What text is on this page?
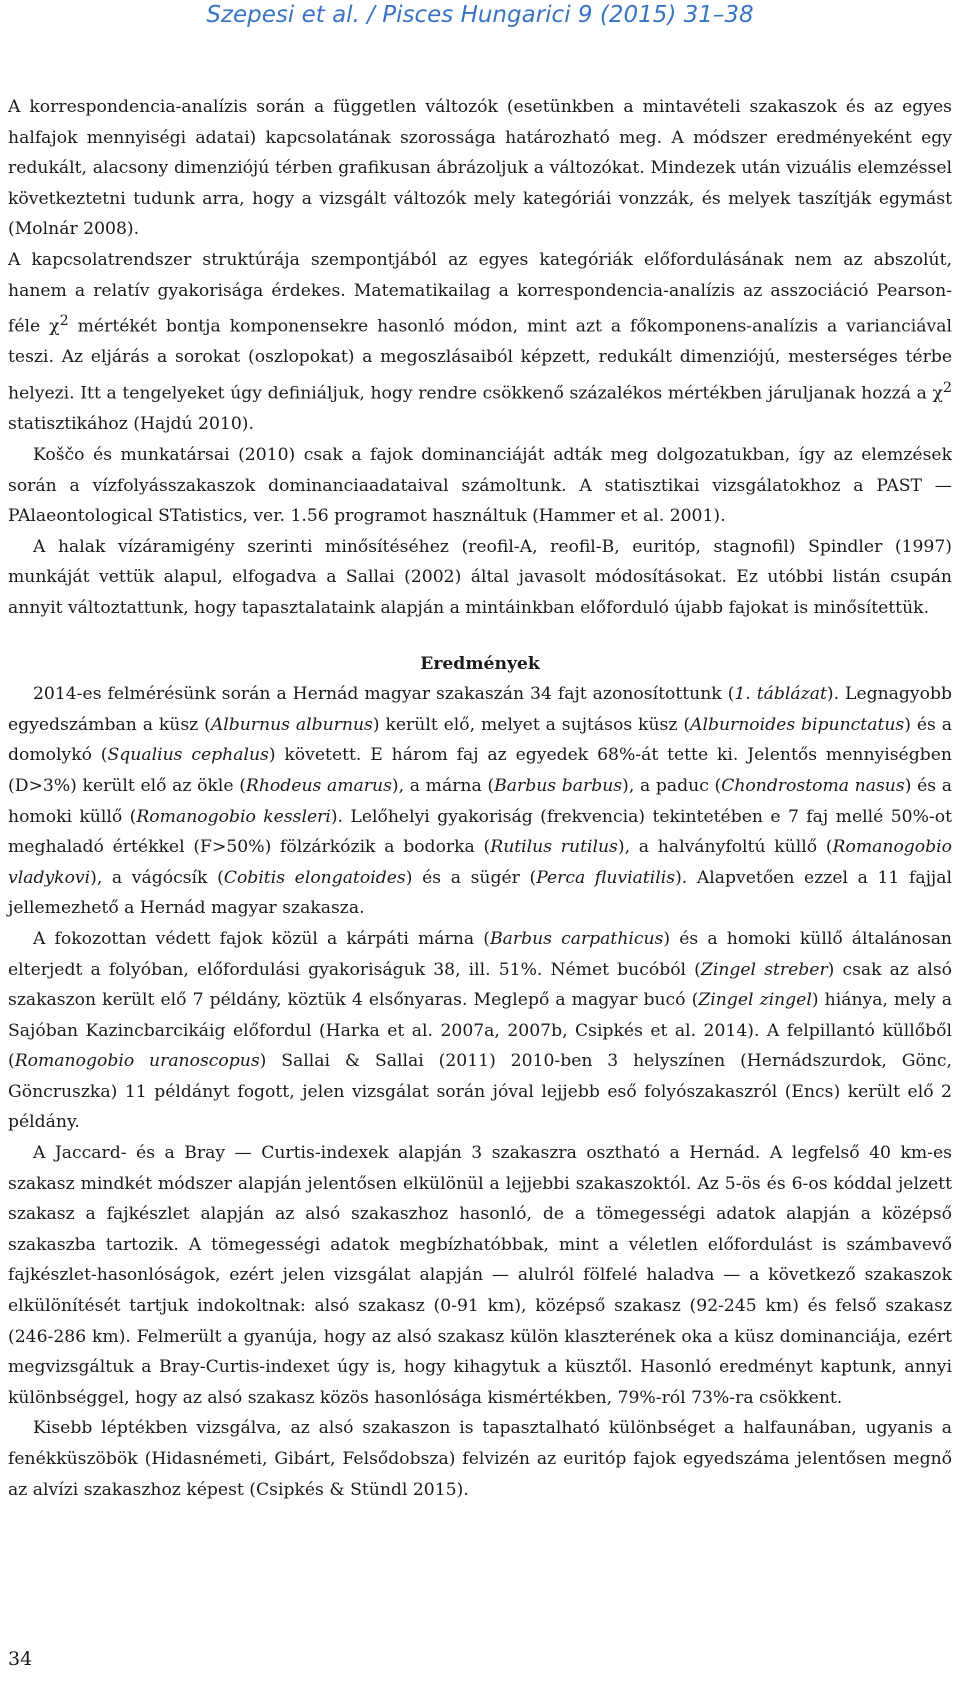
Szepesi et al. / Pisces Hungarici 9 (2015) 31–38

A korrespondencia-analízis során a független változók (esetünkben a mintavételi szakaszok és az egyes halfajok mennyiségi adatai) kapcsolatának szorossága határozható meg. A módszer eredményeként egy redukált, alacsony dimenziójú térben grafikusan ábrázoljuk a változókat. Mindezek után vizuális elemzéssel következtetni tudunk arra, hogy a vizsgált változók mely kategóriái vonzzák, és melyek taszítják egymást (Molnár 2008).

A kapcsolatrendszer struktúrája szempontjából az egyes kategóriák előfordulásának nem az abszolút, hanem a relatív gyakorisága érdekes. Matematikailag a korrespondencia-analízis az asszociáció Pearson-féle $\chi^2$ mértékét bontja komponensekre hasonló módon, mint azt a főkomponens-analízis a varianciával teszi. Az eljárás a sorokat (oszlopokat) a megoszlásaiból képzett, redukált dimenziójú, mesterséges térbe helyezi. Itt a tengelyeket úgy definiáljuk, hogy rendre csökkenő százalékos mértékben járuljanak hozzá a $\chi^2$ statisztikához (Hajdú 2010).

Koščo és munkatársai (2010) csak a fajok dominanciáját adták meg dolgozatukban, így az elemzések során a vízfolyásszakaszok dominanciaadataival számoltunk. A statisztikai vizsgálatokhoz a PAST — PAlaeontological STatistics, ver. 1.56 programot használtuk (Hammer et al. 2001).

A halak vízáramigény szerinti minősítéséhez (reofil-A, reofil-B, euritóp, stagnofil) Spindler (1997) munkáját vettük alapul, elfogadva a Sallai (2002) által javasolt módosításokat. Ez utóbbi listán csupán annyit változtattunk, hogy tapasztalataink alapján a mintáinkban előforduló újabb fajokat is minősítettük.

Eredmények

2014-es felmérésünk során a Hernád magyar szakaszán 34 fajt azonosítottunk (1. táblázat). Legnagyobb egyedszámban a küsz (Alburnus alburnus) került elő, melyet a sujtásos küsz (Alburnoides bipunctatus) és a domolykó (Squalius cephalus) követett. E három faj az egyedek 68%-át tette ki. Jelentős mennyiségben (D>3%) került elő az ökle (Rhodeus amarus), a márna (Barbus barbus), a paduc (Chondrostoma nasus) és a homoki küllő (Romanogobio kessleri). Lelőhelyi gyakoriság (frekvencia) tekintetében e 7 faj mellé 50%-ot meghaladó értékkel (F>50%) fölzárkózik a bodorka (Rutilus rutilus), a halványfoltú küllő (Romanogobio vladykovi), a vágócsík (Cobitis elongatoides) és a sügér (Perca fluviatilis). Alapvetően ezzel a 11 fajjal jellemezhető a Hernád magyar szakasza.

A fokozottan védett fajok közül a kárpáti márna (Barbus carpathicus) és a homoki küllő általánosan elterjedt a folyóban, előfordulási gyakoriságuk 38, ill. 51%. Német bucóból (Zingel streber) csak az alsó szakaszon került elő 7 példány, köztük 4 elsőnyaras. Meglepő a magyar bucó (Zingel zingel) hiánya, mely a Sajóban Kazincbarcikáig előfordul (Harka et al. 2007a, 2007b, Csipkés et al. 2014). A felpillantó küllőből (Romanogobio uranoscopus) Sallai & Sallai (2011) 2010-ben 3 helyszínen (Hernádszurdok, Gönc, Göncruszka) 11 példányt fogott, jelen vizsgálat során jóval lejjebb eső folyószakaszról (Encs) került elő 2 példány.

A Jaccard- és a Bray — Curtis-indexek alapján 3 szakaszra osztható a Hernád. A legfelső 40 km-es szakasz mindkét módszer alapján jelentősen elkülönül a lejjebbi szakaszoktól. Az 5-ös és 6-os kóddal jelzett szakasz a fajkészlet alapján az alsó szakaszhoz hasonló, de a tömegességi adatok alapján a középső szakaszba tartozik. A tömegességi adatok megbízhatóbbak, mint a véletlen előfordulást is számbavevő fajkészlet-hasonlóságok, ezért jelen vizsgálat alapján — alulról fölfelé haladva — a következő szakaszok elkülönítését tartjuk indokoltnak: alsó szakasz (0-91 km), középső szakasz (92-245 km) és felső szakasz (246-286 km). Felmerült a gyanúja, hogy az alsó szakasz külön klaszterének oka a küsz dominanciája, ezért megvizsgáltuk a Bray-Curtis-indexet úgy is, hogy kihagytuk a küsztől. Hasonló eredményt kaptunk, annyi különbséggel, hogy az alsó szakasz közös hasonlósága kismértékben, 79%-ról 73%-ra csökkent.

Kisebb léptékben vizsgálva, az alsó szakaszon is tapasztalható különbséget a halfaunában, ugyanis a fenékküszöbök (Hidasnémeti, Gibárt, Felsődobsza) felvizén az euritóp fajok egyedszáma jelentősen megnő az alvízi szakaszhoz képest (Csipkés & Stündl 2015).

34
